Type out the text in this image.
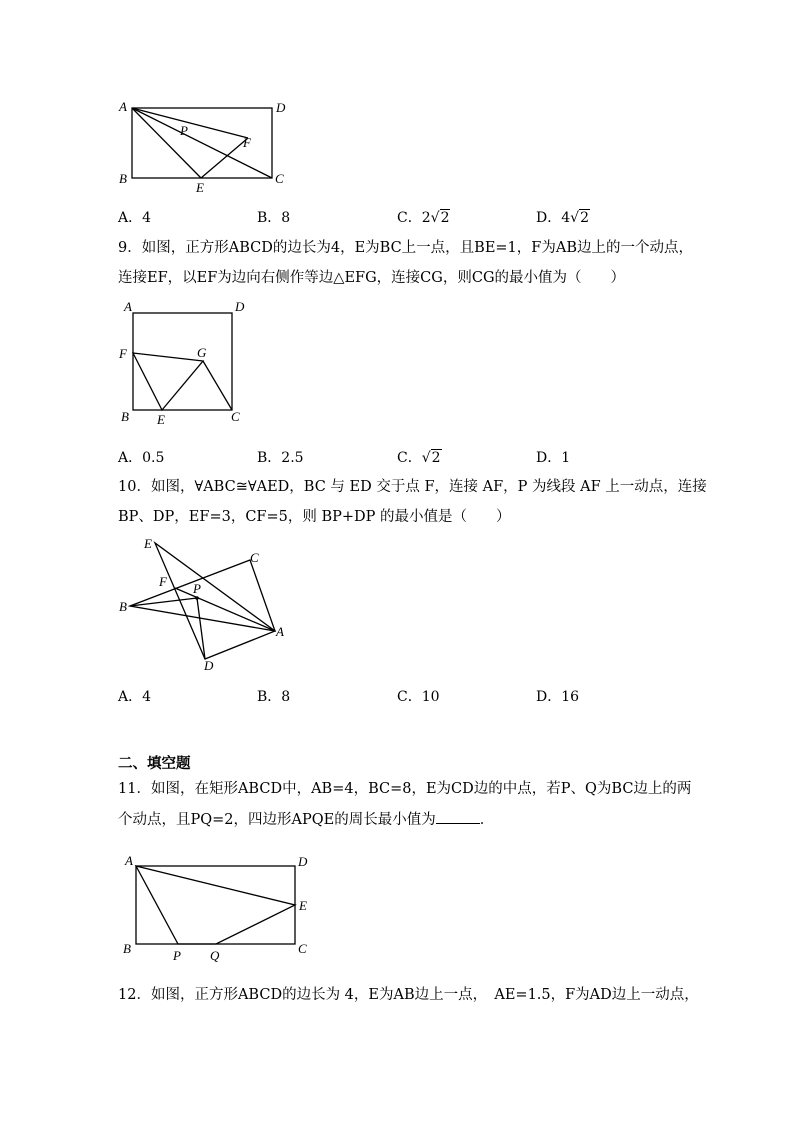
A	D
B	C
P
F
E
A．4	B．8	C．2√2	D．4√2
9．如图，正方形ABCD的边长为4，E为BC上一点，且BE=1，F为AB边上的一个动点，
连接EF，以EF为边向右侧作等边△EFG，连接CG，则CG的最小值为（　　）
A	D
F	G
B E	C
A．0.5	B．2.5	C．√2	D．1
10．如图，∀ABC≅∀AED，BC 与 ED 交于点 F，连接 AF，P 为线段 AF 上一动点，连接
BP、DP，EF=3，CF=5，则 BP+DP 的最小值是（　　）
E
C
F P
B
A
D
A．4	B．8	C．10	D．16
二、填空题
11．如图，在矩形ABCD中，AB=4，BC=8，E为CD边的中点，若P、Q为BC边上的两
个动点，且PQ=2，四边形APQE的周长最小值为	．
A	D
E
B	C
P Q
12．如图，正方形ABCD的边长为 4，E为AB边上一点，　AE=1.5，F为AD边上一动点，
